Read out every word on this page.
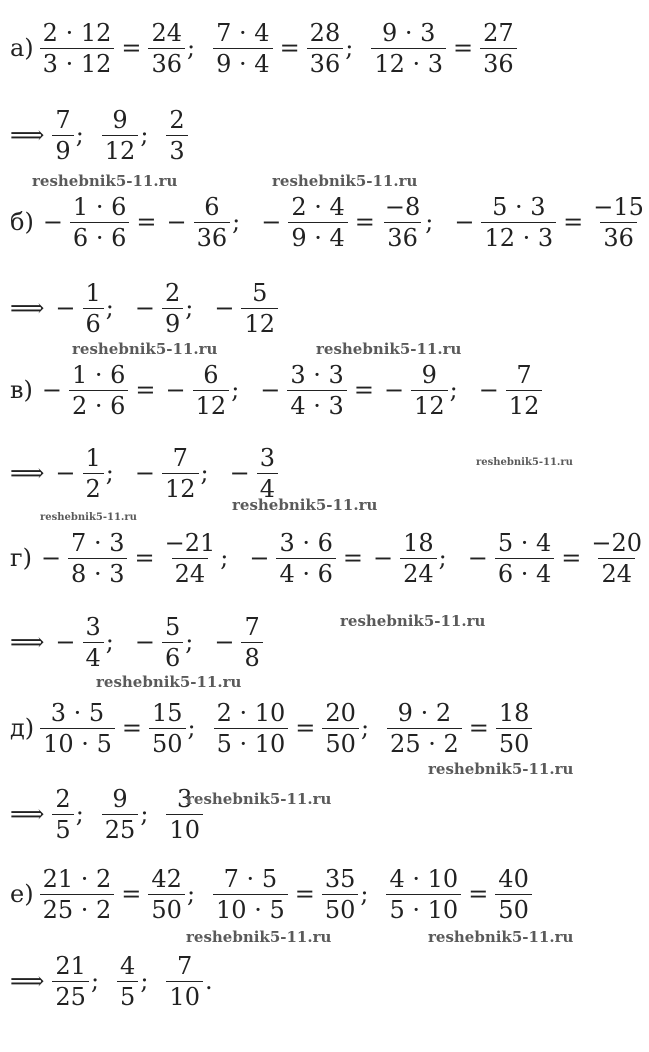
$а) \frac{2 \cdot 12}{3 \cdot 12} = \frac{24}{36}$ ; $\frac{7 \cdot 4}{9 \cdot 4} = \frac{28}{36}$ ; $\frac{9 \cdot 3}{12 \cdot 3} = \frac{27}{36}$
⟹ $\frac{7}{9}$ ; $\frac{9}{12}$ ; $\frac{2}{3}$
$б) - \frac{1 \cdot 6}{6 \cdot 6}$ = − $\frac{6}{36}$ ; − $\frac{2 \cdot 4}{9 \cdot 4} = \frac{-8}{36}$ ; − $\frac{5 \cdot 3}{12 \cdot 3} = \frac{-15}{36}$
⟹ − $\frac{1}{6}$ ; − $\frac{2}{9}$ ; − $\frac{5}{12}$
$в) - \frac{1 \cdot 6}{2 \cdot 6}$ = − $\frac{6}{12}$ ; − $\frac{3 \cdot 3}{4 \cdot 3}$ = − $\frac{9}{12}$ ; − $\frac{7}{12}$
⟹ − $\frac{1}{2}$ ; − $\frac{7}{12}$ ; − $\frac{3}{4}$
$г) - \frac{7 \cdot 3}{8 \cdot 3} = \frac{-21}{24}$ ; − $\frac{3 \cdot 6}{4 \cdot 6}$ = − $\frac{18}{24}$ ; − $\frac{5 \cdot 4}{6 \cdot 4} = \frac{-20}{24}$
⟹ − $\frac{3}{4}$ ; − $\frac{5}{6}$ ; − $\frac{7}{8}$
$д) \frac{3 \cdot 5}{10 \cdot 5} = \frac{15}{50}$ ; $\frac{2 \cdot 10}{5 \cdot 10} = \frac{20}{50}$ ; $\frac{9 \cdot 2}{25 \cdot 2} = \frac{18}{50}$
⟹ $\frac{2}{5}$ ; $\frac{9}{25}$ ; $\frac{3}{10}$
$е) \frac{21 \cdot 2}{25 \cdot 2} = \frac{42}{50}$ ; $\frac{7 \cdot 5}{10 \cdot 5} = \frac{35}{50}$ ; $\frac{4 \cdot 10}{5 \cdot 10} = \frac{40}{50}$
⟹ $\frac{21}{25}$ ; $\frac{4}{5}$ ; $\frac{7}{10}$ .
reshebnik5-11.ru	reshebnik5-11.ru
reshebnik5-11.ru	reshebnik5-11.ru
reshebnik5-11.ru
reshebnik5-11.ru
reshebnik5-11.ru
reshebnik5-11.ru
reshebnik5-11.ru
reshebnik5-11.ru
reshebnik5-11.ru
reshebnik5-11.ru	reshebnik5-11.ru
